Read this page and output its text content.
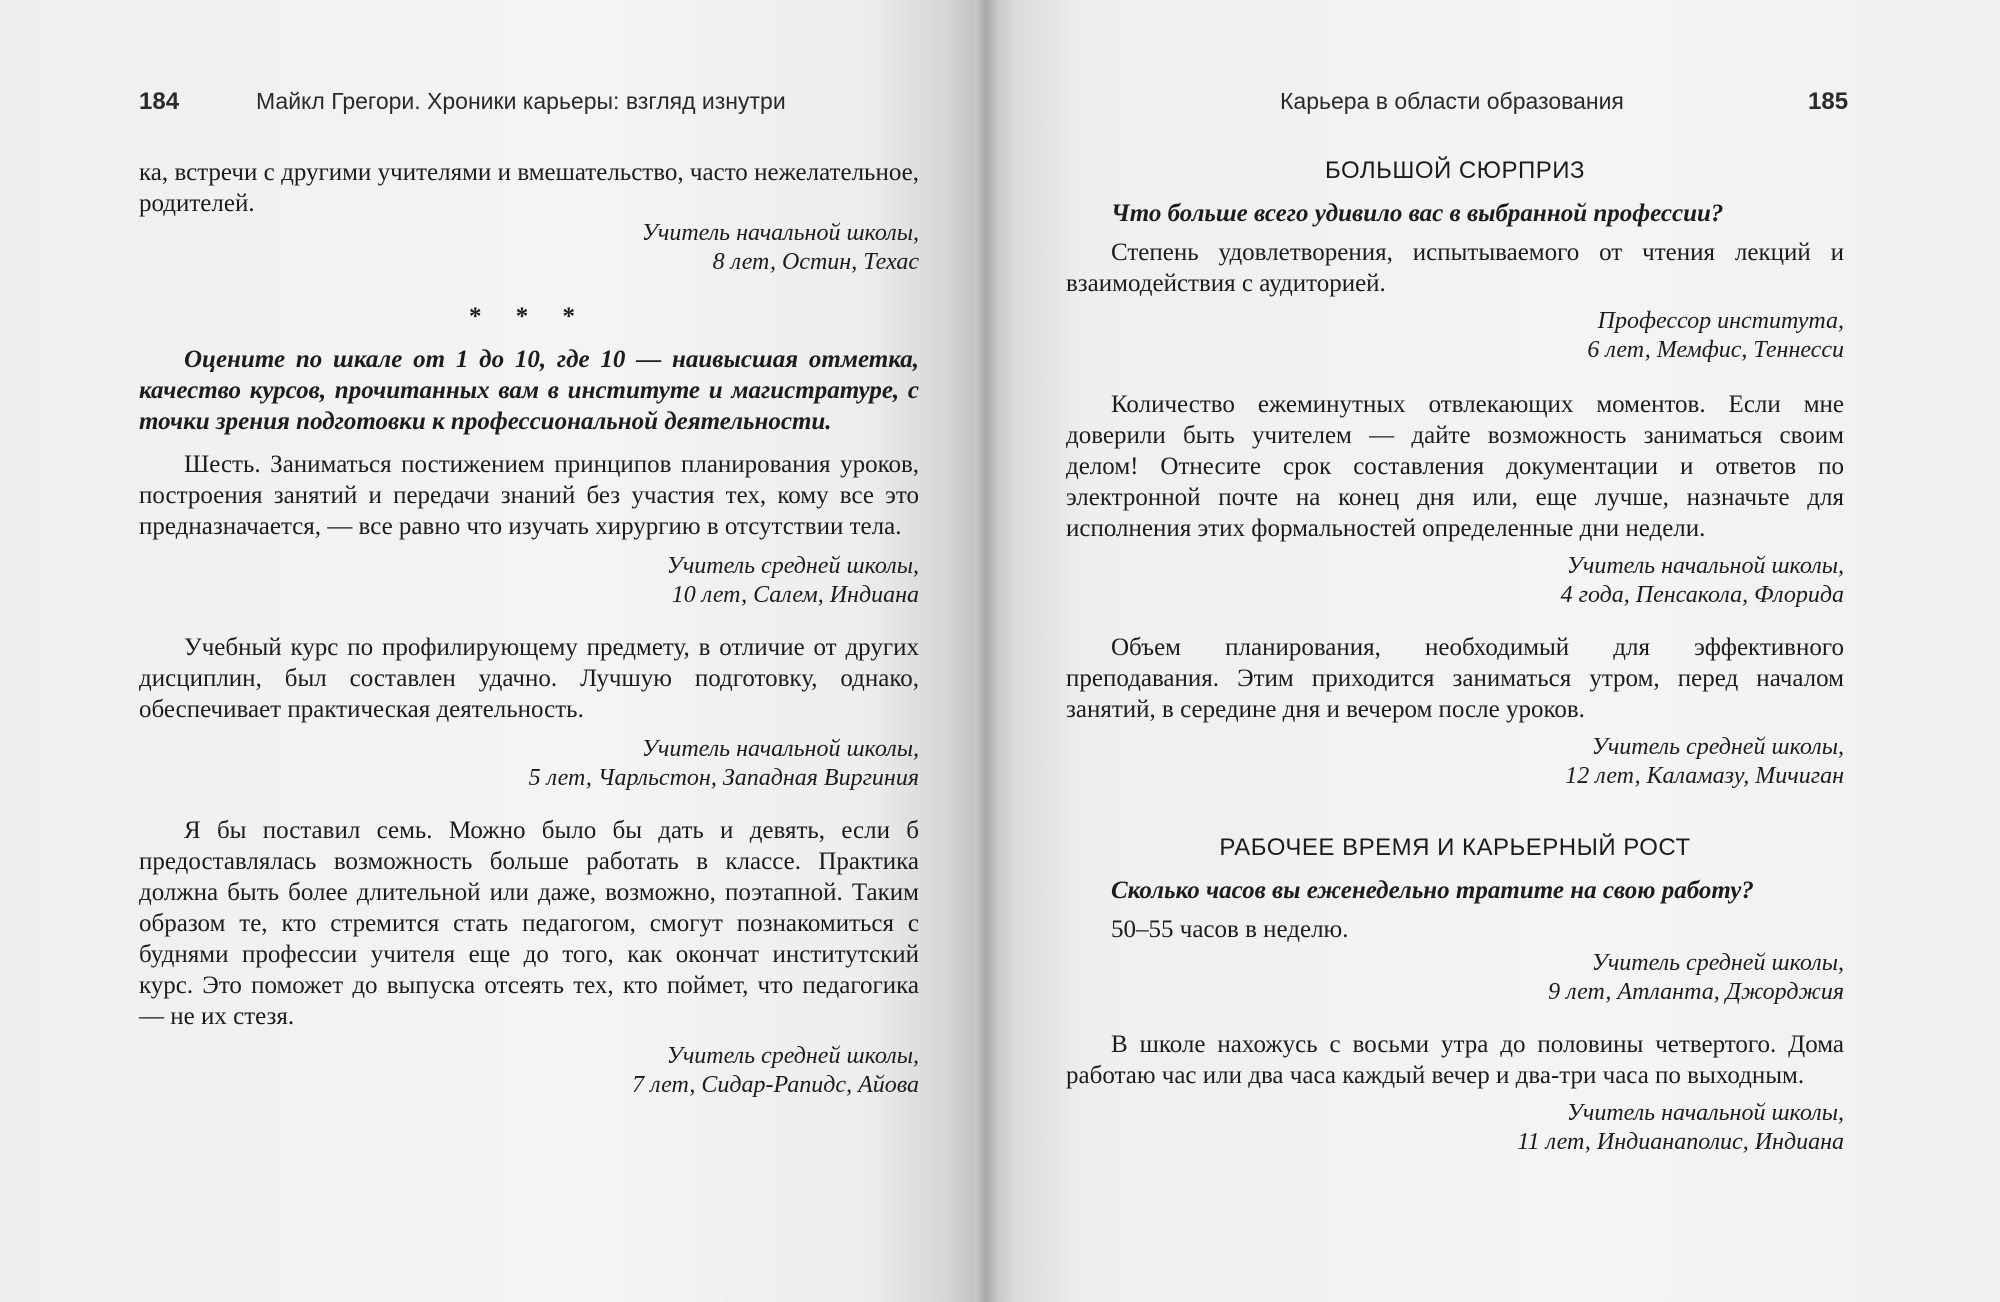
184	Майкл Грегори. Хроники карьеры: взгляд изнутри

ка, встречи с другими учителями и вмешательство, часто нежелательное, родителей.

Учитель начальной школы,
8 лет, Остин, Техас
* * *

Оцените по шкале от 1 до 10, где 10 — наивысшая отметка, качество курсов, прочитанных вам в институте и магистратуре, с точки зрения подготовки к профессиональной деятельности.

Шесть. Заниматься постижением принципов планирования уроков, построения занятий и передачи знаний без участия тех, кому все это предназначается, — все равно что изучать хирургию в отсутствии тела.

Учитель средней школы,
10 лет, Салем, Индиана

Учебный курс по профилирующему предмету, в отличие от других дисциплин, был составлен удачно. Лучшую подготовку, однако, обеспечивает практическая деятельность.

Учитель начальной школы,
5 лет, Чарльстон, Западная Виргиния

Я бы поставил семь. Можно было бы дать и девять, если б предоставлялась возможность больше работать в классе. Практика должна быть более длительной или даже, возможно, поэтапной. Таким образом те, кто стремится стать педагогом, смогут познакомиться с буднями профессии учителя еще до того, как окончат институтский курс. Это поможет до выпуска отсеять тех, кто поймет, что педагогика — не их стезя.

Учитель средней школы,
7 лет, Сидар-Рапидс, Айова
Карьера в области образования	185
БОЛЬШОЙ СЮРПРИЗ

Что больше всего удивило вас в выбранной профессии?

Степень удовлетворения, испытываемого от чтения лекций и взаимодействия с аудиторией.

Профессор института,
6 лет, Мемфис, Теннесси

Количество ежеминутных отвлекающих моментов. Если мне доверили быть учителем — дайте возможность заниматься своим делом! Отнесите срок составления документации и ответов по электронной почте на конец дня или, еще лучше, назначьте для исполнения этих формальностей определенные дни недели.

Учитель начальной школы,
4 года, Пенсакола, Флорида

Объем планирования, необходимый для эффективного преподавания. Этим приходится заниматься утром, перед началом занятий, в середине дня и вечером после уроков.

Учитель средней школы,
12 лет, Каламазу, Мичиган
РАБОЧЕЕ ВРЕМЯ И КАРЬЕРНЫЙ РОСТ

Сколько часов вы еженедельно тратите на свою работу?

50–55 часов в неделю.

Учитель средней школы,
9 лет, Атланта, Джорджия

В школе нахожусь с восьми утра до половины четвертого. Дома работаю час или два часа каждый вечер и два-три часа по выходным.

Учитель начальной школы,
11 лет, Индианаполис, Индиана
